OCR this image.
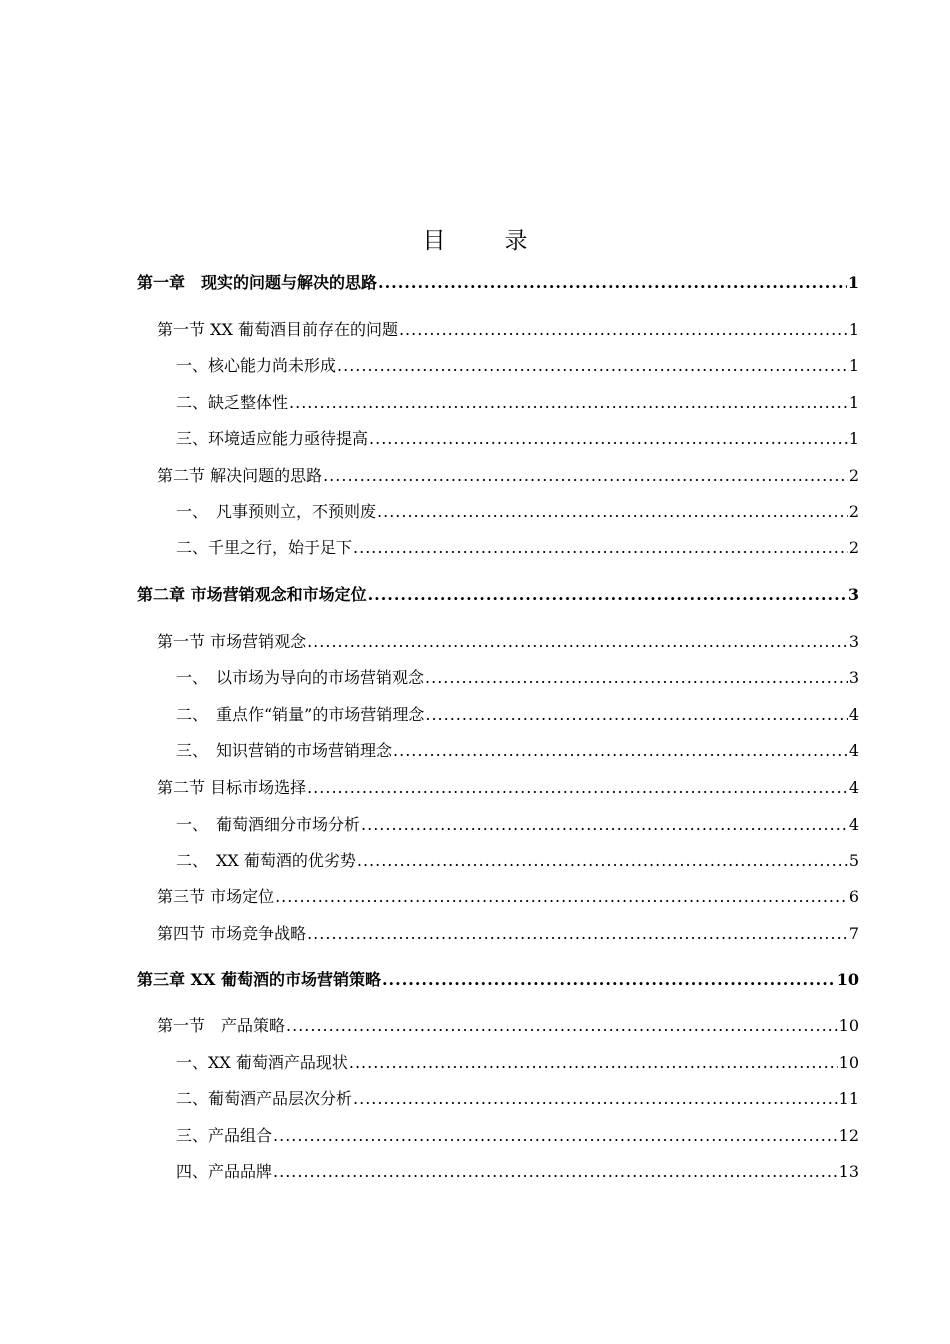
目　录
第一章　现实的问题与解决的思路 .....	1
第一节 XX 葡萄酒目前存在的问题 .....	1
一、核心能力尚未形成 .....	1
二、缺乏整体性 .....	1
三、环境适应能力亟待提高 .....	1
第二节 解决问题的思路 .....	2
一、　凡事预则立，不预则废 .....	2
二、千里之行，始于足下 .....	2
第二章 市场营销观念和市场定位 .....	3
第一节 市场营销观念 .....	3
一、　以市场为导向的市场营销观念 .....	3
二、　重点作“销量”的市场营销理念 .....	4
三、　知识营销的市场营销理念 .....	4
第二节 目标市场选择 .....	4
一、　葡萄酒细分市场分析 .....	4
二、　XX 葡萄酒的优劣势 .....	5
第三节 市场定位 .....	6
第四节 市场竞争战略 .....	7
第三章 XX 葡萄酒的市场营销策略 .....	10
第一节　产品策略 .....	10
一、XX 葡萄酒产品现状 .....	10
二、葡萄酒产品层次分析 .....	11
三、产品组合 .....	12
四、产品品牌 .....	13
